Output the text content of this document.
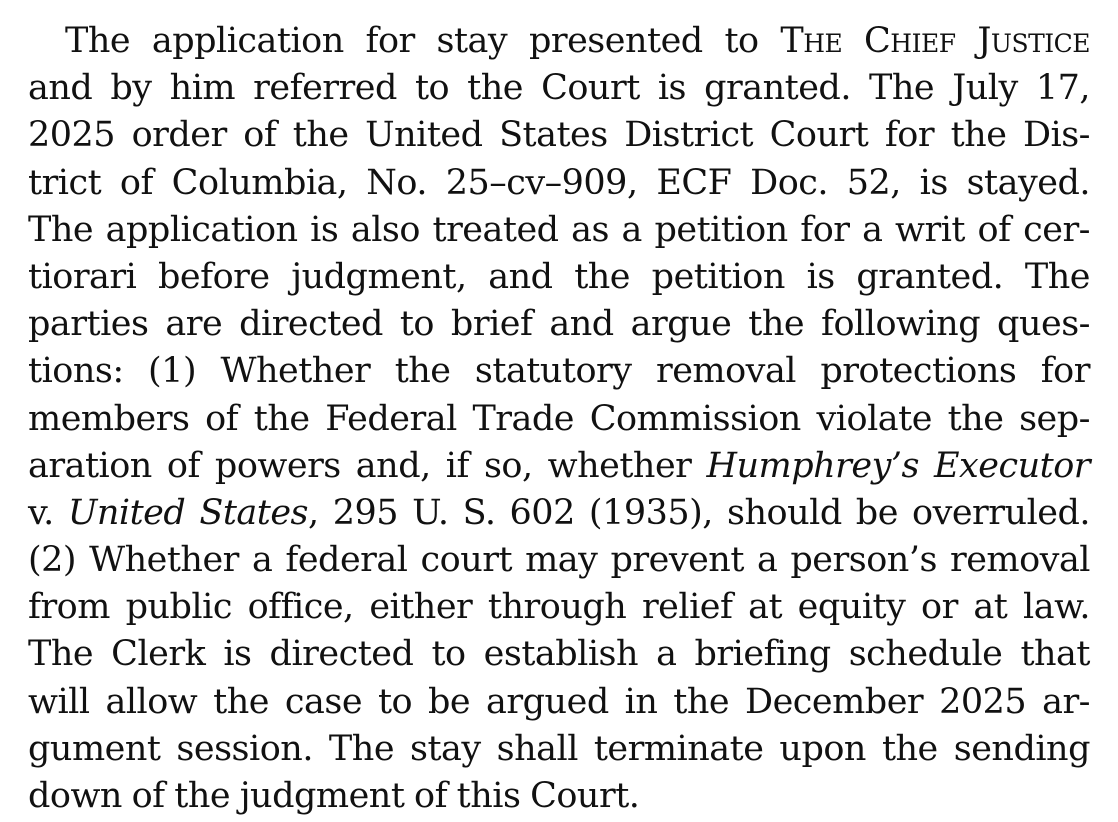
The application for stay presented to The Chief Justice
and by him referred to the Court is granted. The July 17,
2025 order of the United States District Court for the Dis-
trict of Columbia, No. 25–cv–909, ECF Doc. 52, is stayed.
The application is also treated as a petition for a writ of cer-
tiorari before judgment, and the petition is granted. The
parties are directed to brief and argue the following ques-
tions: (1) Whether the statutory removal protections for
members of the Federal Trade Commission violate the sep-
aration of powers and, if so, whether Humphrey’s Executor
v. United States, 295 U. S. 602 (1935), should be overruled.
(2) Whether a federal court may prevent a person’s removal
from public office, either through relief at equity or at law.
The Clerk is directed to establish a briefing schedule that
will allow the case to be argued in the December 2025 ar-
gument session. The stay shall terminate upon the sending
down of the judgment of this Court.
